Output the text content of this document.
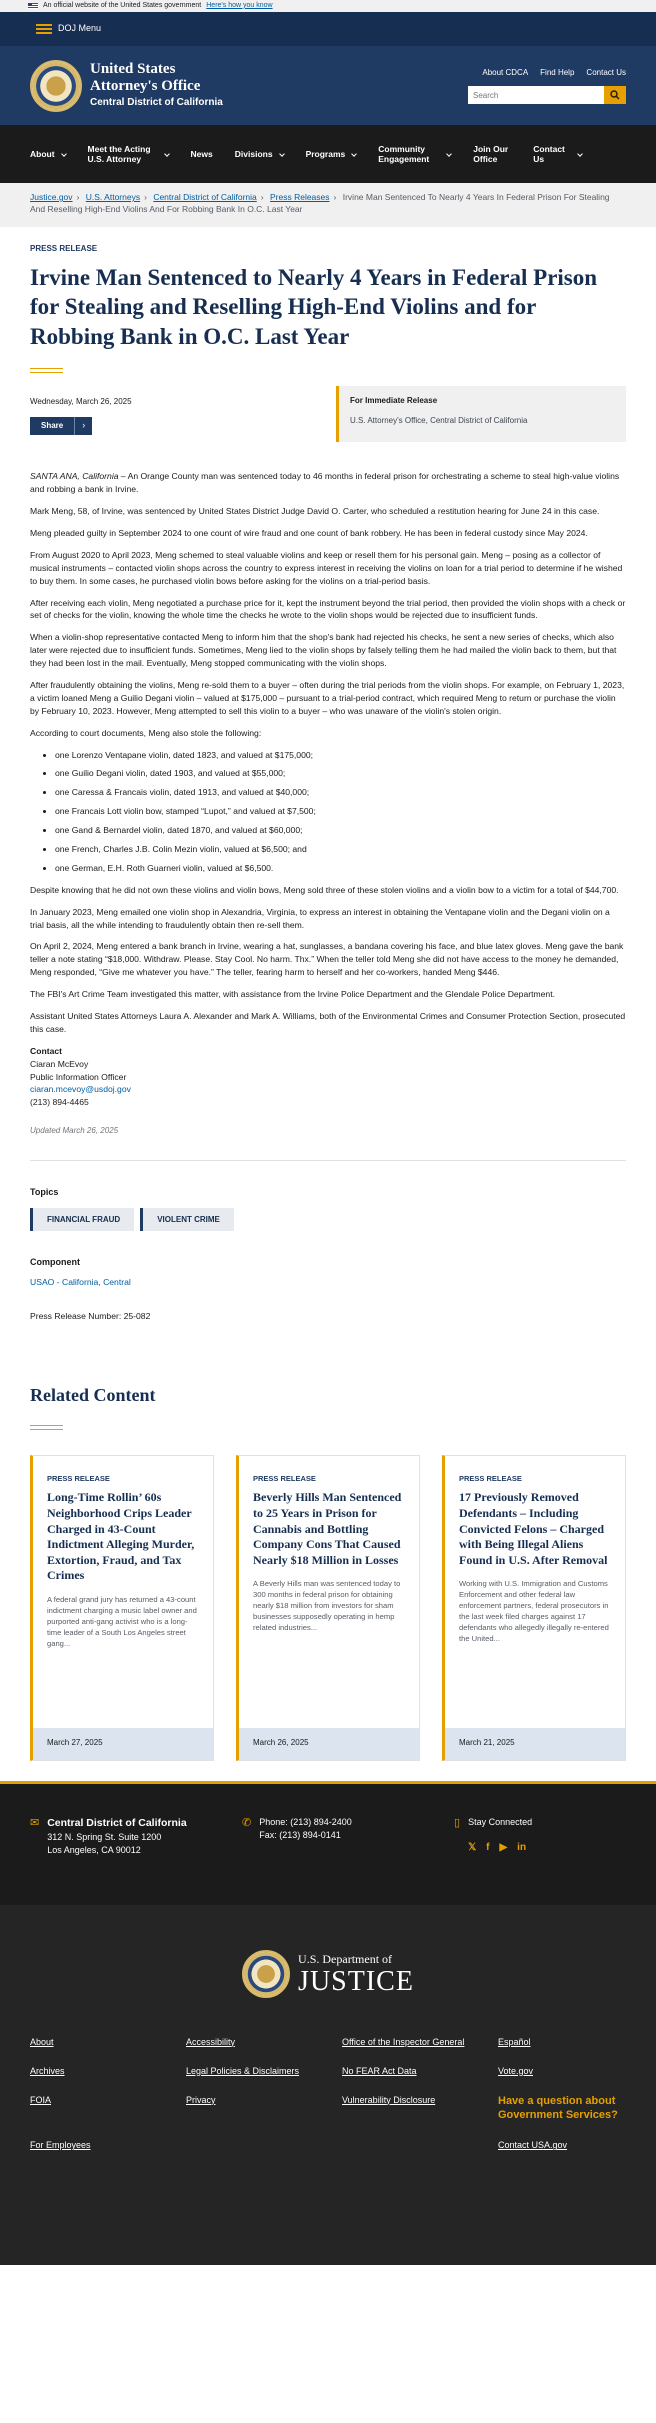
An official website of the United States government Here's how you know
DOJ Menu
United States
Attorney's Office
Central District of California
About CDCA Find Help Contact Us
Search
About
Meet the Acting U.S. Attorney
News	Divisions	Programs
Community Engagement
Join Our Office
Contact Us
Justice.gov › U.S. Attorneys › Central District of California › Press Releases › Irvine Man Sentenced To Nearly 4 Years In Federal Prison For Stealing And Reselling High-End Violins And For Robbing Bank In O.C. Last Year
PRESS RELEASE
Irvine Man Sentenced to Nearly 4 Years in Federal Prison for Stealing and Reselling High-End Violins and for Robbing Bank in O.C. Last Year
Wednesday, March 26, 2025
Share	›
For Immediate Release
U.S. Attorney's Office, Central District of California

SANTA ANA, California – An Orange County man was sentenced today to 46 months in federal prison for orchestrating a scheme to steal high-value violins and robbing a bank in Irvine.

Mark Meng, 58, of Irvine, was sentenced by United States District Judge David O. Carter, who scheduled a restitution hearing for June 24 in this case.

Meng pleaded guilty in September 2024 to one count of wire fraud and one count of bank robbery. He has been in federal custody since May 2024.

From August 2020 to April 2023, Meng schemed to steal valuable violins and keep or resell them for his personal gain. Meng – posing as a collector of musical instruments – contacted violin shops across the country to express interest in receiving the violins on loan for a trial period to determine if he wished to buy them. In some cases, he purchased violin bows before asking for the violins on a trial-period basis.

After receiving each violin, Meng negotiated a purchase price for it, kept the instrument beyond the trial period, then provided the violin shops with a check or set of checks for the violin, knowing the whole time the checks he wrote to the violin shops would be rejected due to insufficient funds.

When a violin-shop representative contacted Meng to inform him that the shop's bank had rejected his checks, he sent a new series of checks, which also later were rejected due to insufficient funds. Sometimes, Meng lied to the violin shops by falsely telling them he had mailed the violin back to them, but that they had been lost in the mail. Eventually, Meng stopped communicating with the violin shops.

After fraudulently obtaining the violins, Meng re-sold them to a buyer – often during the trial periods from the violin shops. For example, on February 1, 2023, a victim loaned Meng a Guilio Degani violin – valued at $175,000 – pursuant to a trial-period contract, which required Meng to return or purchase the violin by February 10, 2023. However, Meng attempted to sell this violin to a buyer – who was unaware of the violin's stolen origin.

According to court documents, Meng also stole the following:

• one Lorenzo Ventapane violin, dated 1823, and valued at $175,000;
• one Guilio Degani violin, dated 1903, and valued at $55,000;
• one Caressa & Francais violin, dated 1913, and valued at $40,000;
• one Francais Lott violin bow, stamped “Lupot,” and valued at $7,500;
• one Gand & Bernardel violin, dated 1870, and valued at $60,000;
• one French, Charles J.B. Colin Mezin violin, valued at $6,500; and
• one German, E.H. Roth Guarneri violin, valued at $6,500.

Despite knowing that he did not own these violins and violin bows, Meng sold three of these stolen violins and a violin bow to a victim for a total of $44,700.

In January 2023, Meng emailed one violin shop in Alexandria, Virginia, to express an interest in obtaining the Ventapane violin and the Degani violin on a trial basis, all the while intending to fraudulently obtain then re-sell them.

On April 2, 2024, Meng entered a bank branch in Irvine, wearing a hat, sunglasses, a bandana covering his face, and blue latex gloves. Meng gave the bank teller a note stating “$18,000. Withdraw. Please. Stay Cool. No harm. Thx.” When the teller told Meng she did not have access to the money he demanded, Meng responded, “Give me whatever you have.” The teller, fearing harm to herself and her co-workers, handed Meng $446.

The FBI's Art Crime Team investigated this matter, with assistance from the Irvine Police Department and the Glendale Police Department.

Assistant United States Attorneys Laura A. Alexander and Mark A. Williams, both of the Environmental Crimes and Consumer Protection Section, prosecuted this case.

Contact
Ciaran McEvoy
Public Information Officer
ciaran.mcevoy@usdoj.gov
(213) 894-4465
Updated March 26, 2025
Topics
FINANCIAL FRAUD	VIOLENT CRIME
Component
USAO - California, Central
Press Release Number: 25-082
Related Content
PRESS RELEASE
Long-Time Rollin’ 60s Neighborhood Crips Leader Charged in 43-Count Indictment Alleging Murder, Extortion, Fraud, and Tax Crimes
A federal grand jury has returned a 43-count indictment charging a music label owner and purported anti-gang activist who is a long-time leader of a South Los Angeles street gang...
March 27, 2025
PRESS RELEASE
Beverly Hills Man Sentenced to 25 Years in Prison for Cannabis and Bottling Company Cons That Caused Nearly $18 Million in Losses
A Beverly Hills man was sentenced today to 300 months in federal prison for obtaining nearly $18 million from investors for sham businesses supposedly operating in hemp related industries...
March 26, 2025
PRESS RELEASE
17 Previously Removed Defendants – Including Convicted Felons – Charged with Being Illegal Aliens Found in U.S. After Removal
Working with U.S. Immigration and Customs Enforcement and other federal law enforcement partners, federal prosecutors in the last week filed charges against 17 defendants who allegedly illegally re-entered the United...
March 21, 2025
✉ Central District of California
312 N. Spring St. Suite 1200
Los Angeles, CA 90012
✆ Phone: (213) 894-2400
Fax: (213) 894-0141
▯ Stay Connected
𝕏 f ▶ in
U.S. Department of
JUSTICE
About	Accessibility	Office of the Inspector General	Español
Archives	Legal Policies & Disclaimers	No FEAR Act Data	Vote.gov
FOIA	Privacy	Vulnerability Disclosure	Have a question about Government Services?
For Employees	Contact USA.gov
